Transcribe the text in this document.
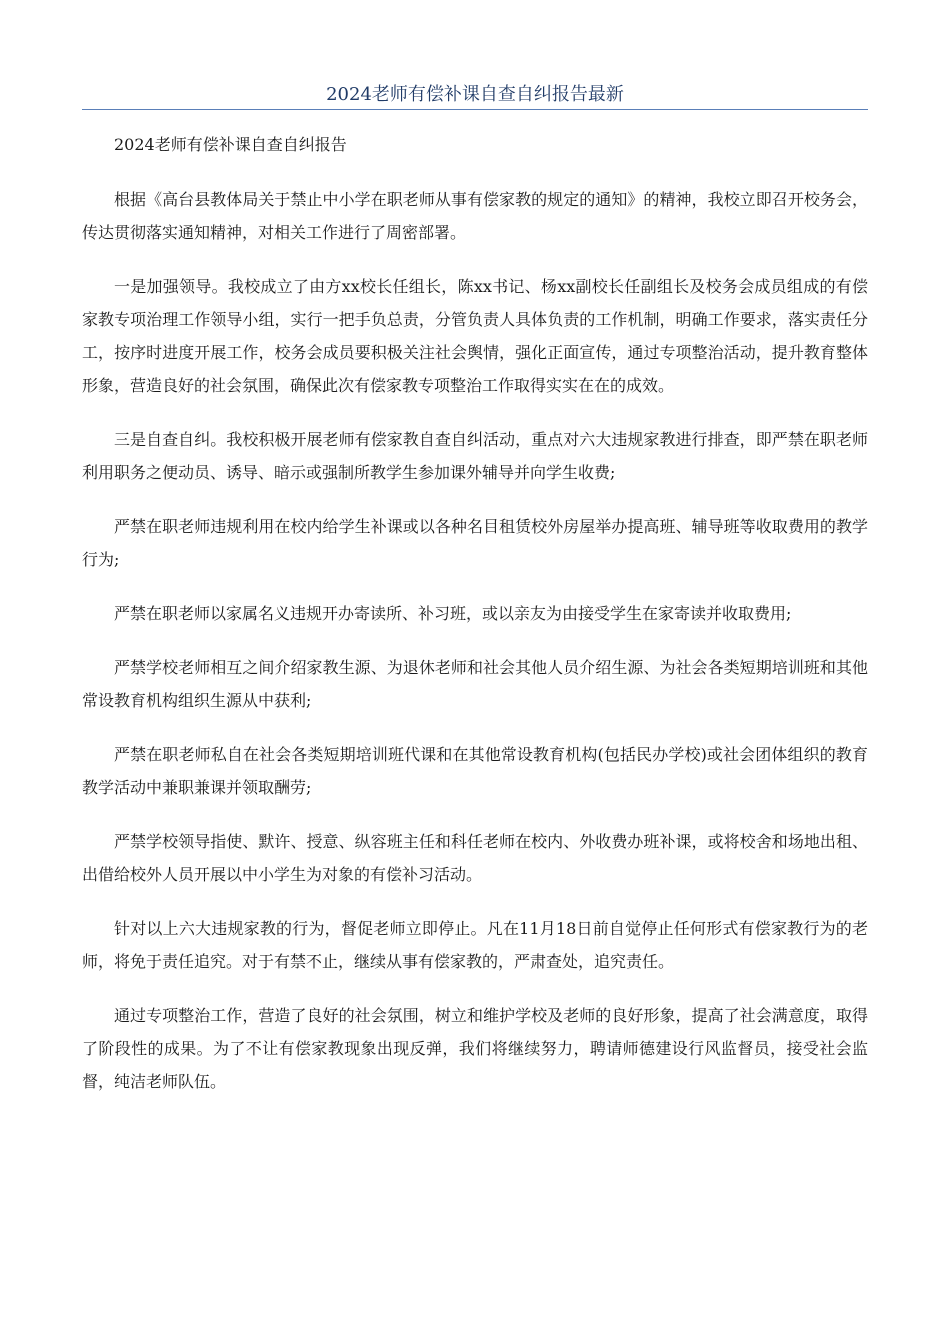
2024老师有偿补课自查自纠报告最新

2024老师有偿补课自查自纠报告

根据《高台县教体局关于禁止中小学在职老师从事有偿家教的规定的通知》的精神，我校立即召开校务会，传达贯彻落实通知精神，对相关工作进行了周密部署。

一是加强领导。我校成立了由方xx校长任组长，陈xx书记、杨xx副校长任副组长及校务会成员组成的有偿家教专项治理工作领导小组，实行一把手负总责，分管负责人具体负责的工作机制，明确工作要求，落实责任分工，按序时进度开展工作，校务会成员要积极关注社会舆情，强化正面宣传，通过专项整治活动，提升教育整体形象，营造良好的社会氛围，确保此次有偿家教专项整治工作取得实实在在的成效。

三是自查自纠。我校积极开展老师有偿家教自查自纠活动，重点对六大违规家教进行排查，即严禁在职老师利用职务之便动员、诱导、暗示或强制所教学生参加课外辅导并向学生收费;

严禁在职老师违规利用在校内给学生补课或以各种名目租赁校外房屋举办提高班、辅导班等收取费用的教学行为;

严禁在职老师以家属名义违规开办寄读所、补习班，或以亲友为由接受学生在家寄读并收取费用;

严禁学校老师相互之间介绍家教生源、为退休老师和社会其他人员介绍生源、为社会各类短期培训班和其他常设教育机构组织生源从中获利;

严禁在职老师私自在社会各类短期培训班代课和在其他常设教育机构(包括民办学校)或社会团体组织的教育教学活动中兼职兼课并领取酬劳;

严禁学校领导指使、默许、授意、纵容班主任和科任老师在校内、外收费办班补课，或将校舍和场地出租、出借给校外人员开展以中小学生为对象的有偿补习活动。

针对以上六大违规家教的行为，督促老师立即停止。凡在11月18日前自觉停止任何形式有偿家教行为的老师，将免于责任追究。对于有禁不止，继续从事有偿家教的，严肃查处，追究责任。

通过专项整治工作，营造了良好的社会氛围，树立和维护学校及老师的良好形象，提高了社会满意度，取得了阶段性的成果。为了不让有偿家教现象出现反弹，我们将继续努力，聘请师德建设行风监督员，接受社会监督，纯洁老师队伍。
